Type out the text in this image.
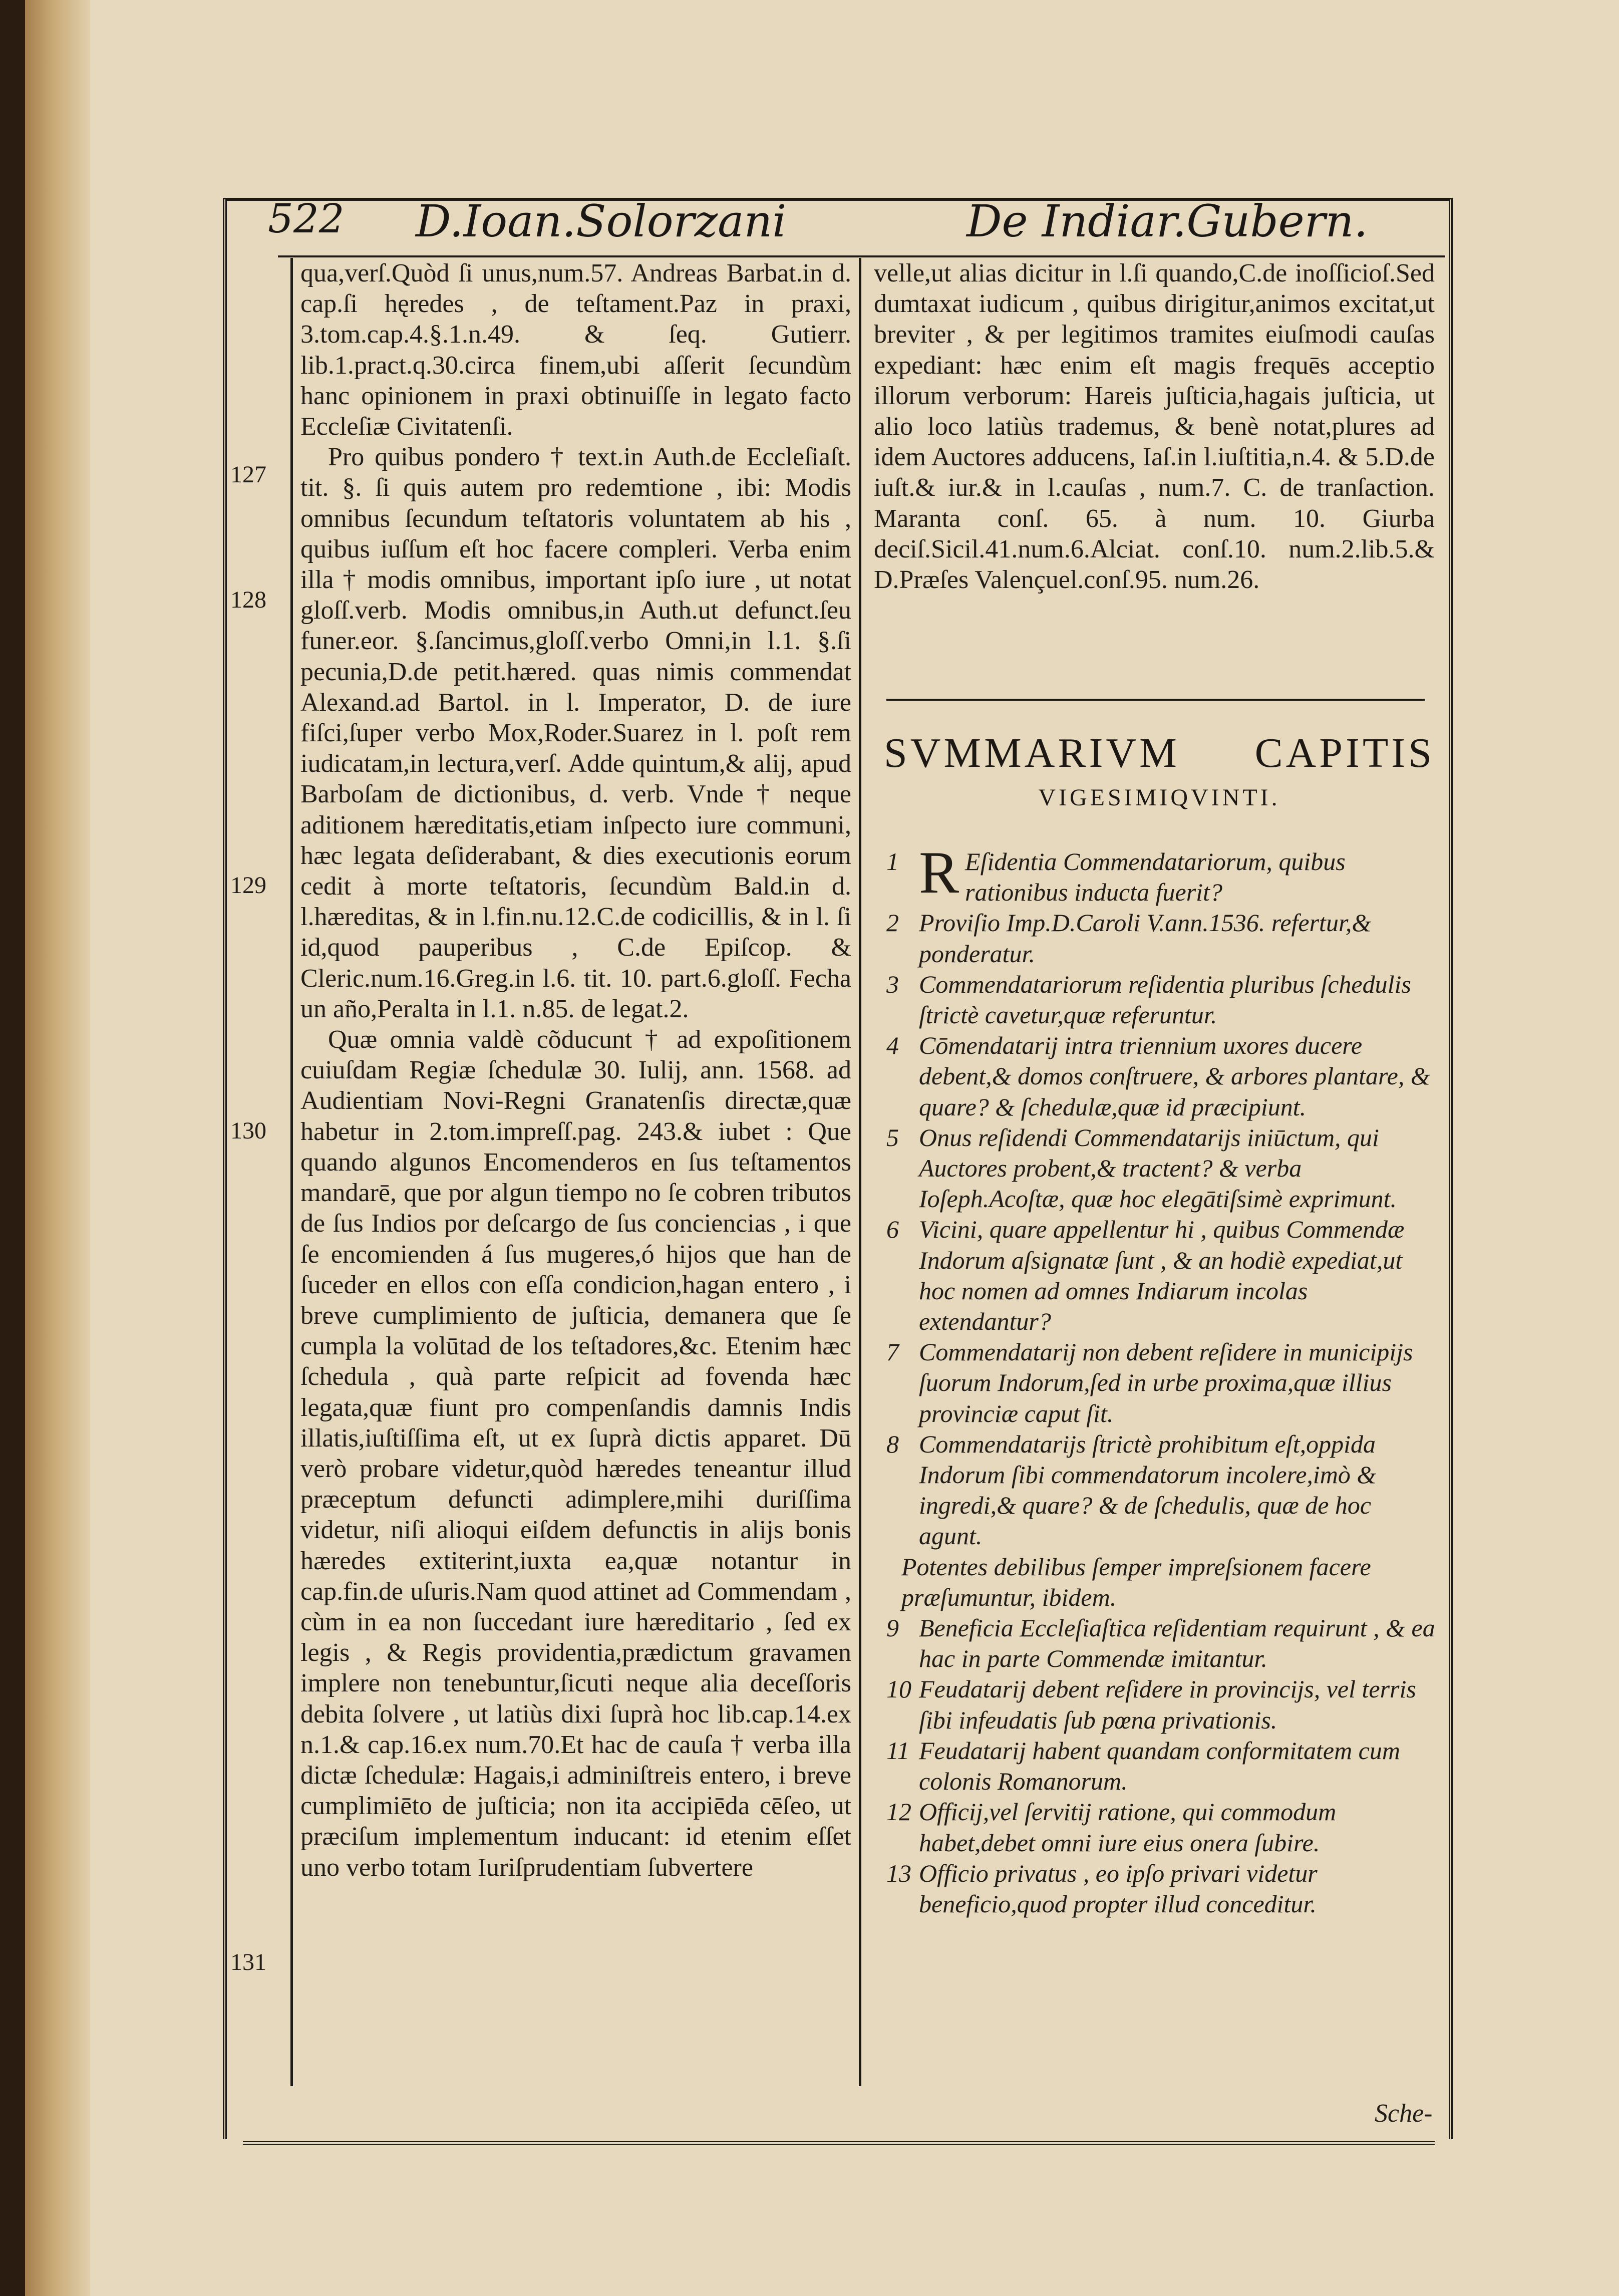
522 D.Ioan.Solorzani	De Indiar.Gubern.
127
128
129
130
131

qua,verſ.Quòd ſi unus,num.57. Andreas Barbat.in d. cap.ſi hęredes , de teſtament.Paz in praxi, 3.tom.cap.4.§.1.n.49. & ſeq. Gutierr. lib.1.pract.q.30.circa finem,ubi aſſerit ſecundùm hanc opinionem in praxi obtinuiſſe in legato facto Eccleſiæ Civitatenſi.

Pro quibus pondero † text.in Auth.de Eccleſiaſt. tit. §. ſi quis autem pro redemtione , ibi: Modis omnibus ſecundum teſtatoris voluntatem ab his , quibus iuſſum eſt hoc facere compleri. Verba enim illa † modis omnibus, important ipſo iure , ut notat gloſſ.verb. Modis omnibus,in Auth.ut defunct.ſeu funer.eor. §.ſancimus,gloſſ.verbo Omni,in l.1. §.ſi pecunia,D.de petit.hæred. quas nimis commendat Alexand.ad Bartol. in l. Imperator, D. de iure fiſci,ſuper verbo Mox,Roder.Suarez in l. poſt rem iudicatam,in lectura,verſ. Adde quintum,& alij, apud Barboſam de dictionibus, d. verb. Vnde † neque aditionem hæreditatis,etiam inſpecto iure communi, hæc legata deſiderabant, & dies executionis eorum cedit à morte teſtatoris, ſecundùm Bald.in d. l.hæreditas, & in l.fin.nu.12.C.de codicillis, & in l. ſi id,quod pauperibus , C.de Epiſcop. & Cleric.num.16.Greg.in l.6. tit. 10. part.6.gloſſ. Fecha un año,Peralta in l.1. n.85. de legat.2.

Quæ omnia valdè cõducunt † ad expoſitionem cuiuſdam Regiæ ſchedulæ 30. Iulij, ann. 1568. ad Audientiam Novi-Regni Granatenſis directæ,quæ habetur in 2.tom.impreſſ.pag. 243.& iubet : Que quando algunos Encomenderos en ſus teſtamentos mandarē, que por algun tiempo no ſe cobren tributos de ſus Indios por deſcargo de ſus conciencias , i que ſe encomienden á ſus mugeres,ó hijos que han de ſuceder en ellos con eſſa condicion,hagan entero , i breve cumplimiento de juſticia, demanera que ſe cumpla la volūtad de los teſtadores,&c. Etenim hæc ſchedula , quà parte reſpicit ad fovenda hæc legata,quæ fiunt pro compenſandis damnis Indis illatis,iuſtiſſima eſt, ut ex ſuprà dictis apparet. Dū verò probare videtur,quòd hæredes teneantur illud præceptum defuncti adimplere,mihi duriſſima videtur, niſi alioqui eiſdem defunctis in alijs bonis hæredes extiterint,iuxta ea,quæ notantur in cap.fin.de uſuris.Nam quod attinet ad Commendam , cùm in ea non ſuccedant iure hæreditario , ſed ex legis , & Regis providentia,prædictum gravamen implere non tenebuntur,ſicuti neque alia deceſſoris debita ſolvere , ut latiùs dixi ſuprà hoc lib.cap.14.ex n.1.& cap.16.ex num.70.Et hac de cauſa † verba illa dictæ ſchedulæ: Hagais,i adminiſtreis entero, i breve cumplimiēto de juſticia; non ita accipiēda cēſeo, ut præciſum implementum inducant: id etenim eſſet uno verbo totam Iuriſprudentiam ſubvertere

velle,ut alias dicitur in l.ſi quando,C.de inoſſicioſ.Sed dumtaxat iudicum , quibus dirigitur,animos excitat,ut breviter , & per legitimos tramites eiuſmodi cauſas expediant: hæc enim eſt magis frequēs acceptio illorum verborum: Hareis juſticia,hagais juſticia, ut alio loco latiùs trademus, & benè notat,plures ad idem Auctores adducens, Iaſ.in l.iuſtitia,n.4. & 5.D.de iuſt.& iur.& in l.cauſas , num.7. C. de tranſaction. Maranta conſ. 65. à num. 10. Giurba deciſ.Sicil.41.num.6.Alciat. conſ.10. num.2.lib.5.& D.Præſes Valençuel.conſ.95. num.26.
SVMMARIVM CAPITIS
VIGESIMIQVINTI.

1 R Eſidentia Commendatariorum, quibus rationibus inducta fuerit?

2 Proviſio Imp.D.Caroli V.ann.1536. refertur,& ponderatur.

3 Commendatariorum reſidentia pluribus ſchedulis ſtrictè cavetur,quæ referuntur.

4 Cōmendatarij intra triennium uxores ducere debent,& domos conſtruere, & arbores plantare, & quare? & ſchedulæ,quæ id præcipiunt.

5 Onus reſidendi Commendatarijs iniūctum, qui Auctores probent,& tractent? & verba Ioſeph.Acoſtæ, quæ hoc elegātiſsimè exprimunt.

6 Vicini, quare appellentur hi , quibus Commendæ Indorum aſsignatæ ſunt , & an hodiè expediat,ut hoc nomen ad omnes Indiarum incolas extendantur?

7 Commendatarij non debent reſidere in municipijs ſuorum Indorum,ſed in urbe proxima,quæ illius provinciæ caput ſit.

8 Commendatarijs ſtrictè prohibitum eſt,oppida Indorum ſibi commendatorum incolere,imò & ingredi,& quare? & de ſchedulis, quæ de hoc agunt.

Potentes debilibus ſemper impreſsionem facere præſumuntur, ibidem.

9 Beneficia Eccleſiaſtica reſidentiam requirunt , & ea hac in parte Commendæ imitantur.

10 Feudatarij debent reſidere in provincijs, vel terris ſibi infeudatis ſub pœna privationis.

11 Feudatarij habent quandam conformitatem cum colonis Romanorum.

12 Officij,vel ſervitij ratione, qui commodum habet,debet omni iure eius onera ſubire.

13 Officio privatus , eo ipſo privari videtur beneficio,quod propter illud conceditur.

Sche-
